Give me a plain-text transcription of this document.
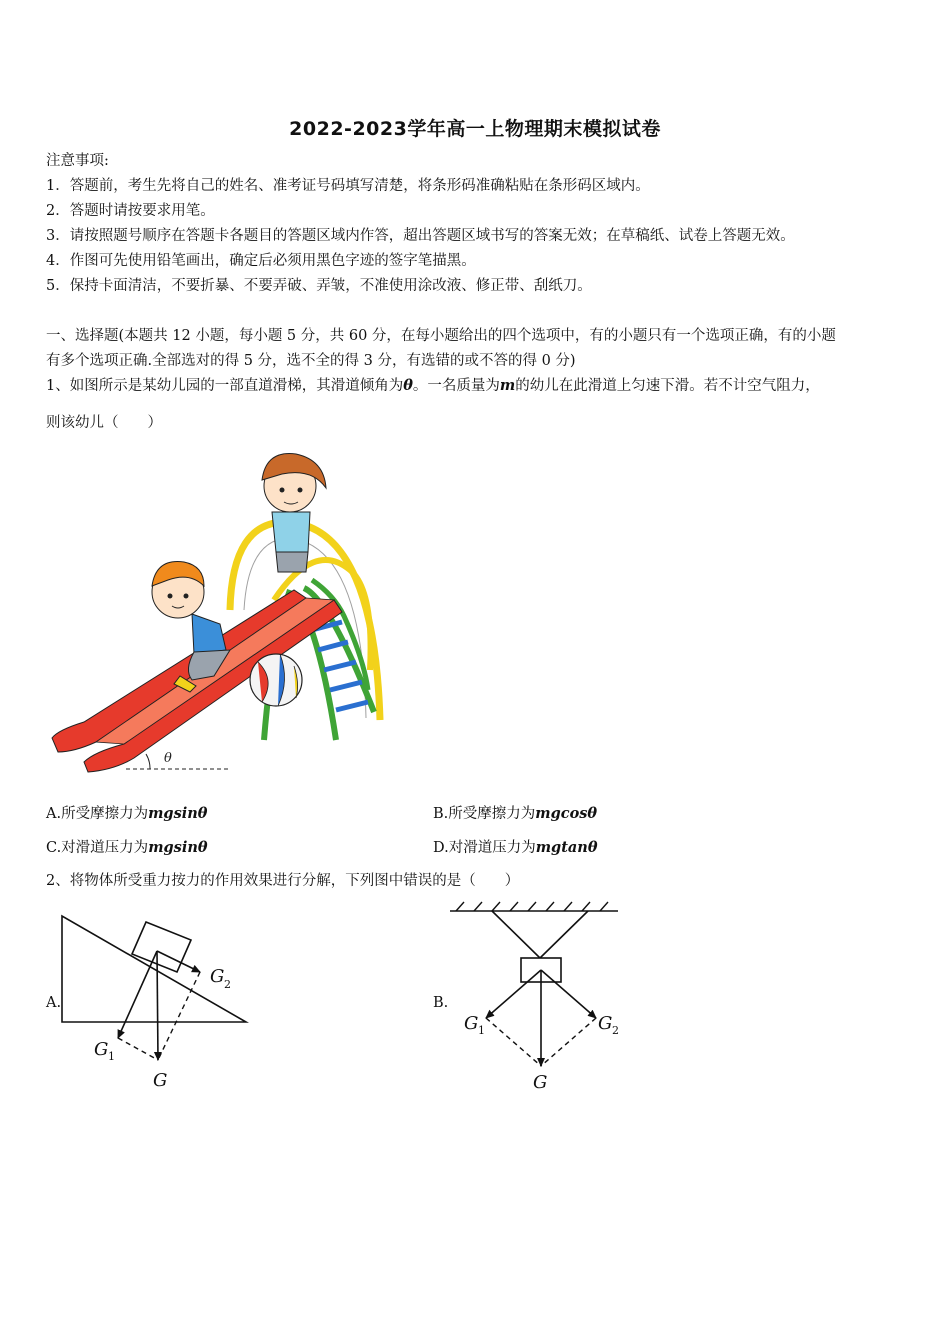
2022-2023学年高一上物理期末模拟试卷
注意事项:
1．答题前，考生先将自己的姓名、准考证号码填写清楚，将条形码准确粘贴在条形码区域内。
2．答题时请按要求用笔。
3．请按照题号顺序在答题卡各题目的答题区域内作答，超出答题区域书写的答案无效；在草稿纸、试卷上答题无效。
4．作图可先使用铅笔画出，确定后必须用黑色字迹的签字笔描黑。
5．保持卡面清洁，不要折暴、不要弄破、弄皱，不准使用涂改液、修正带、刮纸刀。
一、选择题(本题共 12 小题，每小题 5 分，共 60 分，在每小题给出的四个选项中，有的小题只有一个选项正确，有的小题
有多个选项正确.全部选对的得 5 分，选不全的得 3 分，有选错的或不答的得 0 分)
1、如图所示是某幼儿园的一部直道滑梯，其滑道倾角为θ。一名质量为m的幼儿在此滑道上匀速下滑。若不计空气阻力，
则该幼儿（　　）
θ
A.所受摩擦力为mgsinθ	B.所受摩擦力为mgcosθ
C.对滑道压力为mgsinθ	D.对滑道压力为mgtanθ
2、将物体所受重力按力的作用效果进行分解，下列图中错误的是（　　）
A.
G 1
G 2
G
B.
G 1	G 2
G
